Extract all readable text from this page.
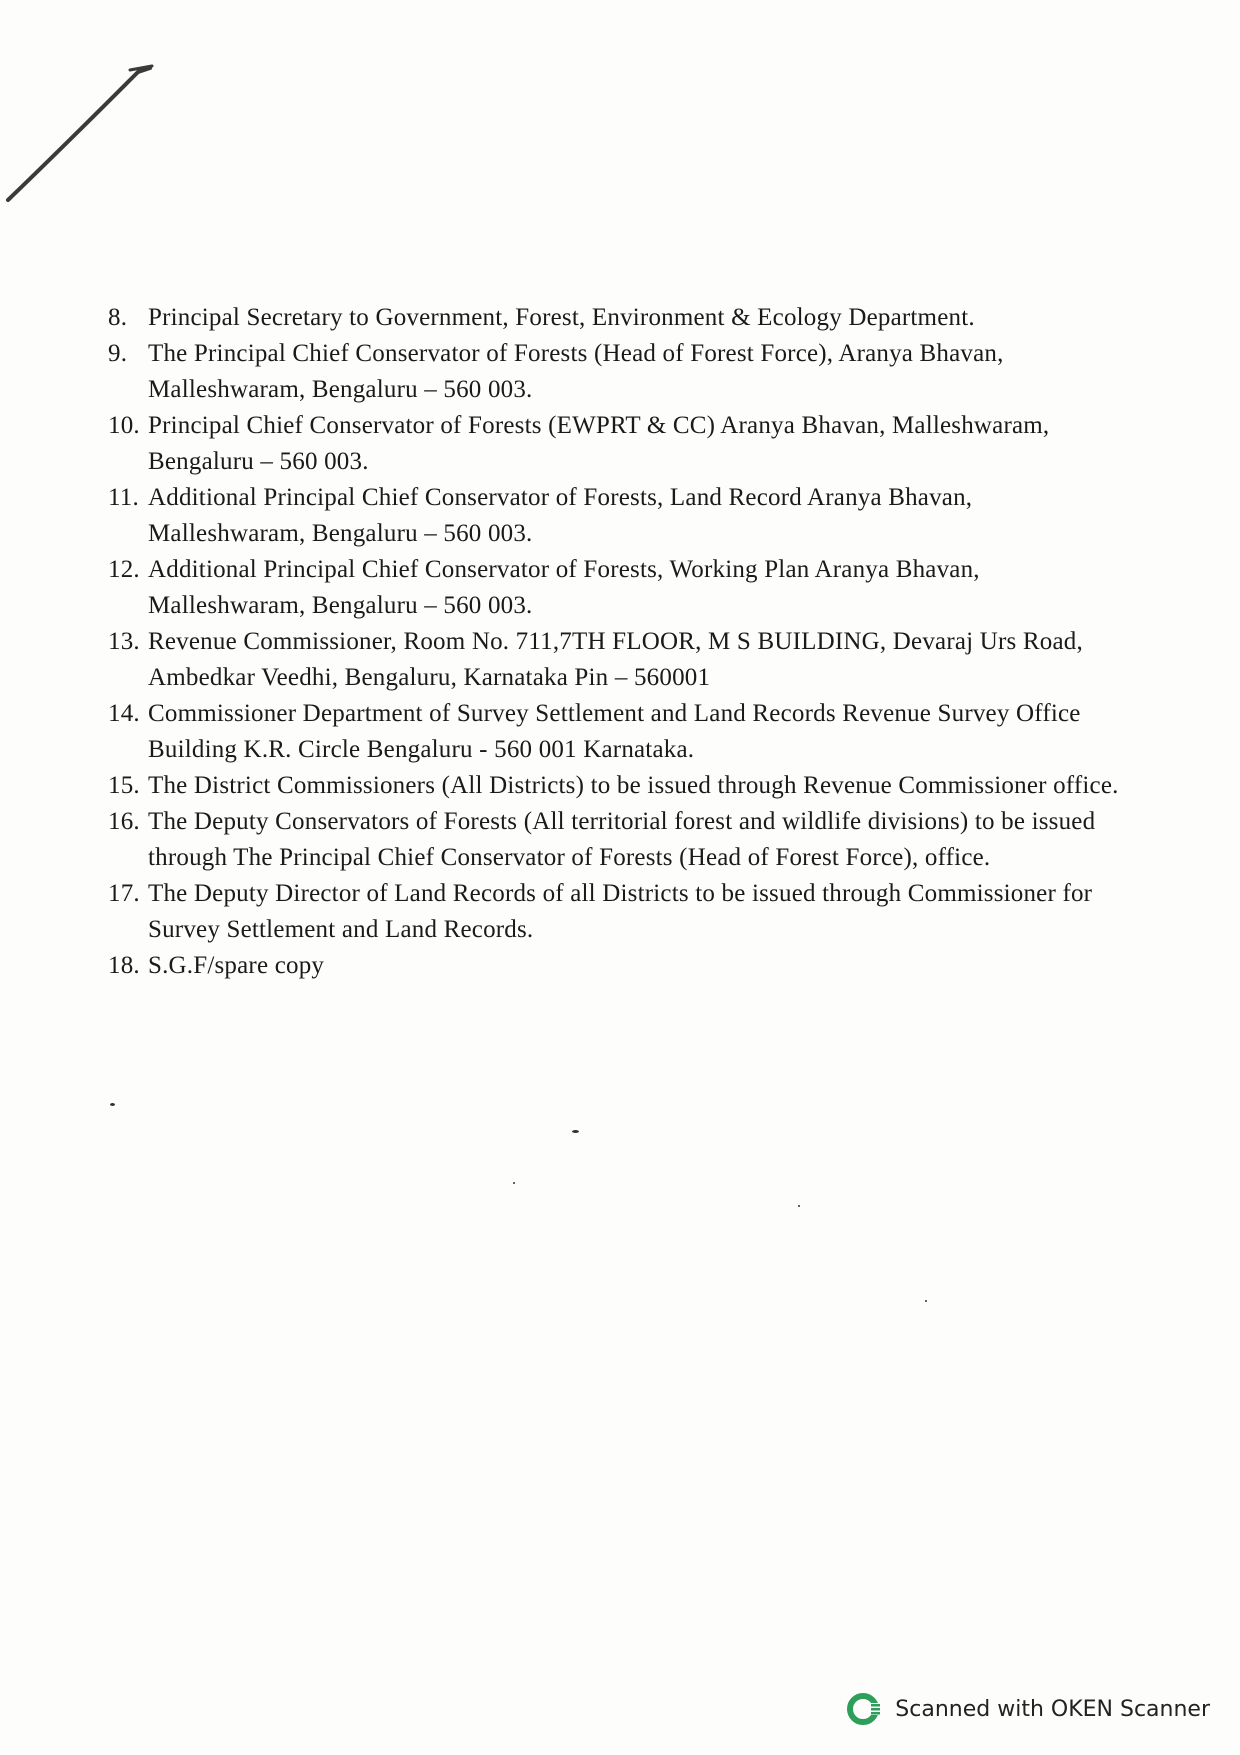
8. Principal Secretary to Government, Forest, Environment & Ecology Department.
9. The Principal Chief Conservator of Forests (Head of Forest Force), Aranya Bhavan, Malleshwaram, Bengaluru – 560 003.
10. Principal Chief Conservator of Forests (EWPRT & CC) Aranya Bhavan, Malleshwaram, Bengaluru – 560 003.
11. Additional Principal Chief Conservator of Forests, Land Record Aranya Bhavan, Malleshwaram, Bengaluru – 560 003.
12. Additional Principal Chief Conservator of Forests, Working Plan Aranya Bhavan, Malleshwaram, Bengaluru – 560 003.
13. Revenue Commissioner, Room No. 711,7TH FLOOR, M S BUILDING, Devaraj Urs Road, Ambedkar Veedhi, Bengaluru, Karnataka Pin – 560001
14. Commissioner Department of Survey Settlement and Land Records Revenue Survey Office Building K.R. Circle Bengaluru - 560 001 Karnataka.
15. The District Commissioners (All Districts) to be issued through Revenue Commissioner office.
16. The Deputy Conservators of Forests (All territorial forest and wildlife divisions) to be issued through The Principal Chief Conservator of Forests (Head of Forest Force), office.
17. The Deputy Director of Land Records of all Districts to be issued through Commissioner for Survey Settlement and Land Records.
18. S.G.F/spare copy
Scanned with OKEN Scanner
